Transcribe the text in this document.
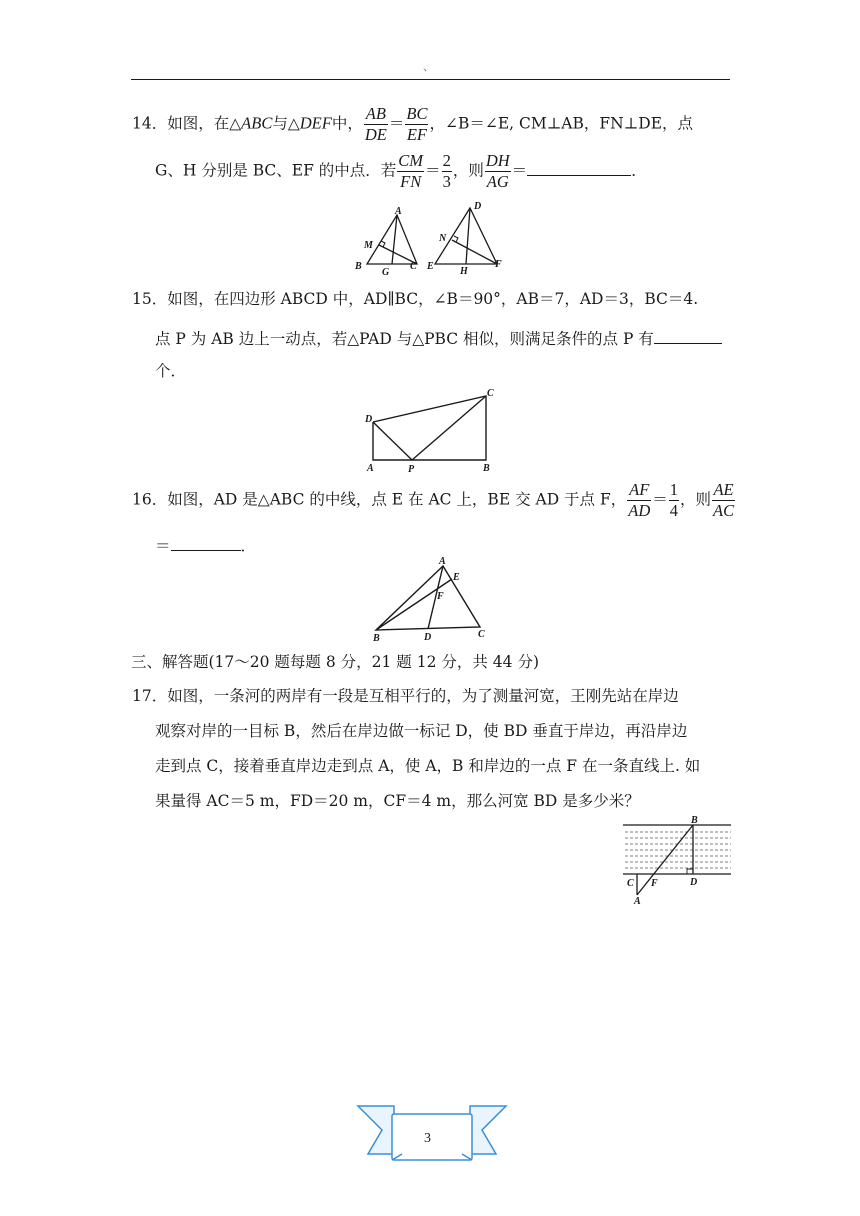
、
14．如图，在△ABC与△DEF中， $\frac{AB}{DE} = \frac{BC}{EF}$ ，∠B＝∠E, CM⊥AB，FN⊥DE，点
G、H 分别是 BC、EF 的中点．若 $\frac{CM}{FN} = \frac{2}{3}$ ，则 $\frac{DH}{AG}$ ＝	．
A
M
B
G
C
D
N
E	H
F
15．如图，在四边形 ABCD 中，AD∥BC，∠B＝90°，AB＝7，AD＝3，BC＝4.
点 P 为 AB 边上一动点，若△PAD 与△PBC 相似，则满足条件的点 P 有
个．
D
C
A	P	B
16．如图，AD 是△ABC 的中线，点 E 在 AC 上，BE 交 AD 于点 F， $\frac{AF}{AD} = \frac{1}{4}$ ，则 $\frac{AE}{AC}$
＝	．
A
E
F
B	D	C
三、解答题(17～20 题每题 8 分，21 题 12 分，共 44 分)
17．如图，一条河的两岸有一段是互相平行的，为了测量河宽，王刚先站在岸边
观察对岸的一目标 B，然后在岸边做一标记 D，使 BD 垂直于岸边，再沿岸边
走到点 C，接着垂直岸边走到点 A，使 A，B 和岸边的一点 F 在一条直线上. 如
果量得 AC＝5 m，FD＝20 m，CF＝4 m，那么河宽 BD 是多少米？
B
C F	D
A
3
